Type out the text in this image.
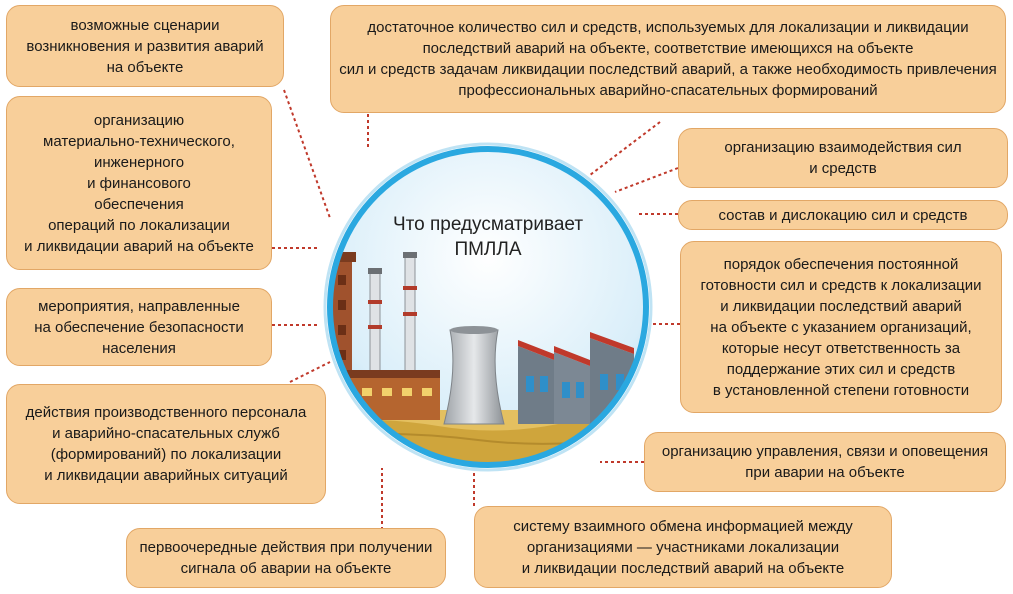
Что предусматривает
ПМЛЛА
возможные сценарии
возникновения и развития аварий
на объекте
организацию
материально-технического,
инженерного
и финансового
обеспечения
операций по локализации
и ликвидации аварий на объекте
мероприятия, направленные
на обеспечение безопасности
населения
действия производственного персонала
и аварийно-спасательных служб
(формирований) по локализации
и ликвидации аварийных ситуаций
первоочередные действия при получении
сигнала об аварии на объекте
достаточное количество сил и средств, используемых для локализации и ликвидации
последствий аварий на объекте, соответствие имеющихся на объекте
сил и средств задачам ликвидации последствий аварий, а также необходимость привлечения
профессиональных аварийно-спасательных формирований
организацию взаимодействия сил
и средств
состав и дислокацию сил и средств
порядок обеспечения постоянной
готовности сил и средств к локализации
и ликвидации последствий аварий
на объекте с указанием организаций,
которые несут ответственность за
поддержание этих сил и средств
в установленной степени готовности
организацию управления, связи и оповещения
при аварии на объекте
систему взаимного обмена информацией между
организациями — участниками локализации
и ликвидации последствий аварий на объекте
